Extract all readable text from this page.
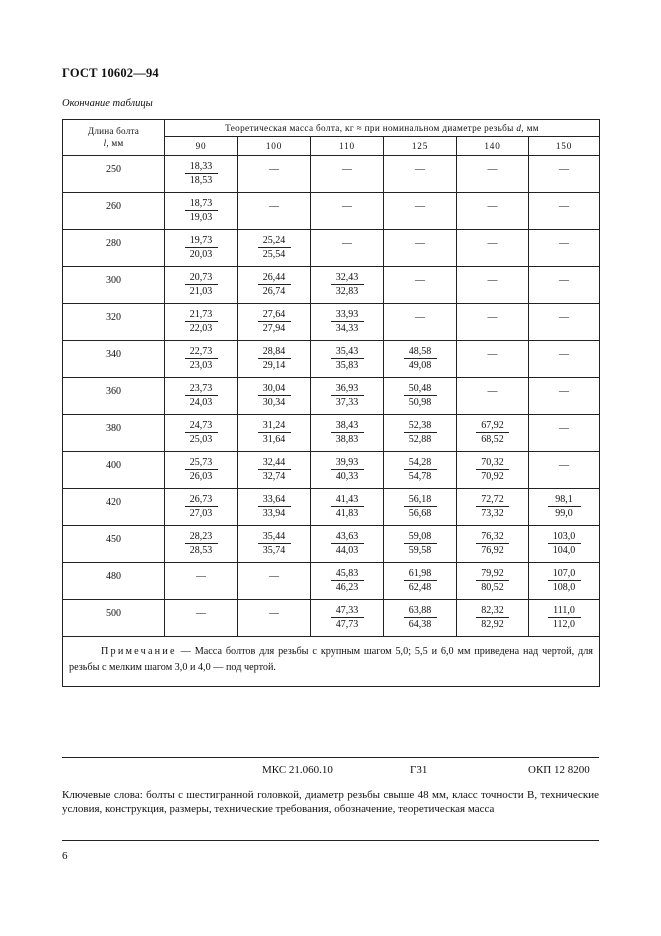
ГОСТ 10602—94
Окончание таблицы
Длина болта
l, мм	Теоретическая масса болта, кг ≈ при номинальном диаметре резьбы d, мм					
	90	100	110	125	140	150
250	$\frac{18,33}{18,53}$	—	—	—	—	—
260	$\frac{18,73}{19,03}$	—	—	—	—	—
280	$\frac{19,73}{20,03}$	$\frac{25,24}{25,54}$	—	—	—	—
300	$\frac{20,73}{21,03}$	$\frac{26,44}{26,74}$	$\frac{32,43}{32,83}$	—	—	—
320	$\frac{21,73}{22,03}$	$\frac{27,64}{27,94}$	$\frac{33,93}{34,33}$	—	—	—
340	$\frac{22,73}{23,03}$	$\frac{28,84}{29,14}$	$\frac{35,43}{35,83}$	$\frac{48,58}{49,08}$	—	—
360	$\frac{23,73}{24,03}$	$\frac{30,04}{30,34}$	$\frac{36,93}{37,33}$	$\frac{50,48}{50,98}$	—	—
380	$\frac{24,73}{25,03}$	$\frac{31,24}{31,64}$	$\frac{38,43}{38,83}$	$\frac{52,38}{52,88}$	$\frac{67,92}{68,52}$	—
400	$\frac{25,73}{26,03}$	$\frac{32,44}{32,74}$	$\frac{39,93}{40,33}$	$\frac{54,28}{54,78}$	$\frac{70,32}{70,92}$	—
420	$\frac{26,73}{27,03}$	$\frac{33,64}{33,94}$	$\frac{41,43}{41,83}$	$\frac{56,18}{56,68}$	$\frac{72,72}{73,32}$	$\frac{98,1}{99,0}$

450	$\frac{28,23}{28,53}$	$\frac{35,44}{35,74}$	$\frac{43,63}{44,03}$	$\frac{59,08}{59,58}$	$\frac{76,32}{76,92}$	$\frac{103,0}{104,0}$

480	—	—	$\frac{45,83}{46,23}$	$\frac{61,98}{62,48}$	$\frac{79,92}{80,52}$	$\frac{107,0}{108,0}$

500	—	—	$\frac{47,33}{47,73}$	$\frac{63,88}{64,38}$	$\frac{82,32}{82,92}$	$\frac{111,0}{112,0}$

Примечание — Масса болтов для резьбы с крупным шагом 5,0; 5,5 и 6,0 мм приведена над чертой, для резьбы с мелким шагом 3,0 и 4,0 — под чертой.						
МКС 21.060.10	Г31	ОКП 12 8200
Ключевые слова: болты с шестигранной головкой, диаметр резьбы свыше 48 мм, класс точности В, технические условия, конструкция, размеры, технические требования, обозначение, теоретическая масса
6
